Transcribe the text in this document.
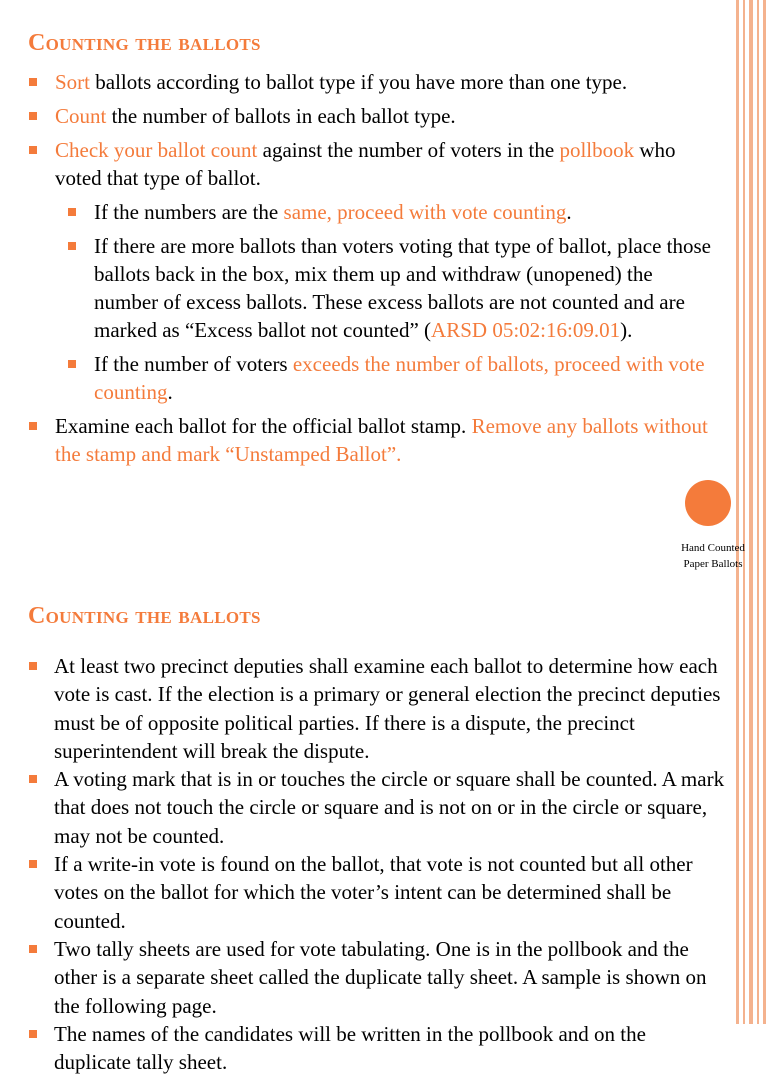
Counting the ballots
Sort ballots according to ballot type if you have more than one type.
Count the number of ballots in each ballot type.
Check your ballot count against the number of voters in the pollbook who voted that type of ballot.
If the numbers are the same, proceed with vote counting.
If there are more ballots than voters voting that type of ballot, place those ballots back in the box, mix them up and withdraw (unopened) the number of excess ballots. These excess ballots are not counted and are marked as “Excess ballot not counted” (ARSD 05:02:16:09.01).
If the number of voters exceeds the number of ballots, proceed with vote counting.
Examine each ballot for the official ballot stamp. Remove any ballots without the stamp and mark “Unstamped Ballot”.
Hand Counted
Paper Ballots
Counting the ballots
At least two precinct deputies shall examine each ballot to determine how each vote is cast. If the election is a primary or general election the precinct deputies must be of opposite political parties. If there is a dispute, the precinct superintendent will break the dispute.
A voting mark that is in or touches the circle or square shall be counted. A mark that does not touch the circle or square and is not on or in the circle or square, may not be counted.
If a write-in vote is found on the ballot, that vote is not counted but all other votes on the ballot for which the voter’s intent can be determined shall be counted.
Two tally sheets are used for vote tabulating. One is in the pollbook and the other is a separate sheet called the duplicate tally sheet. A sample is shown on the following page.
The names of the candidates will be written in the pollbook and on the duplicate tally sheet.
